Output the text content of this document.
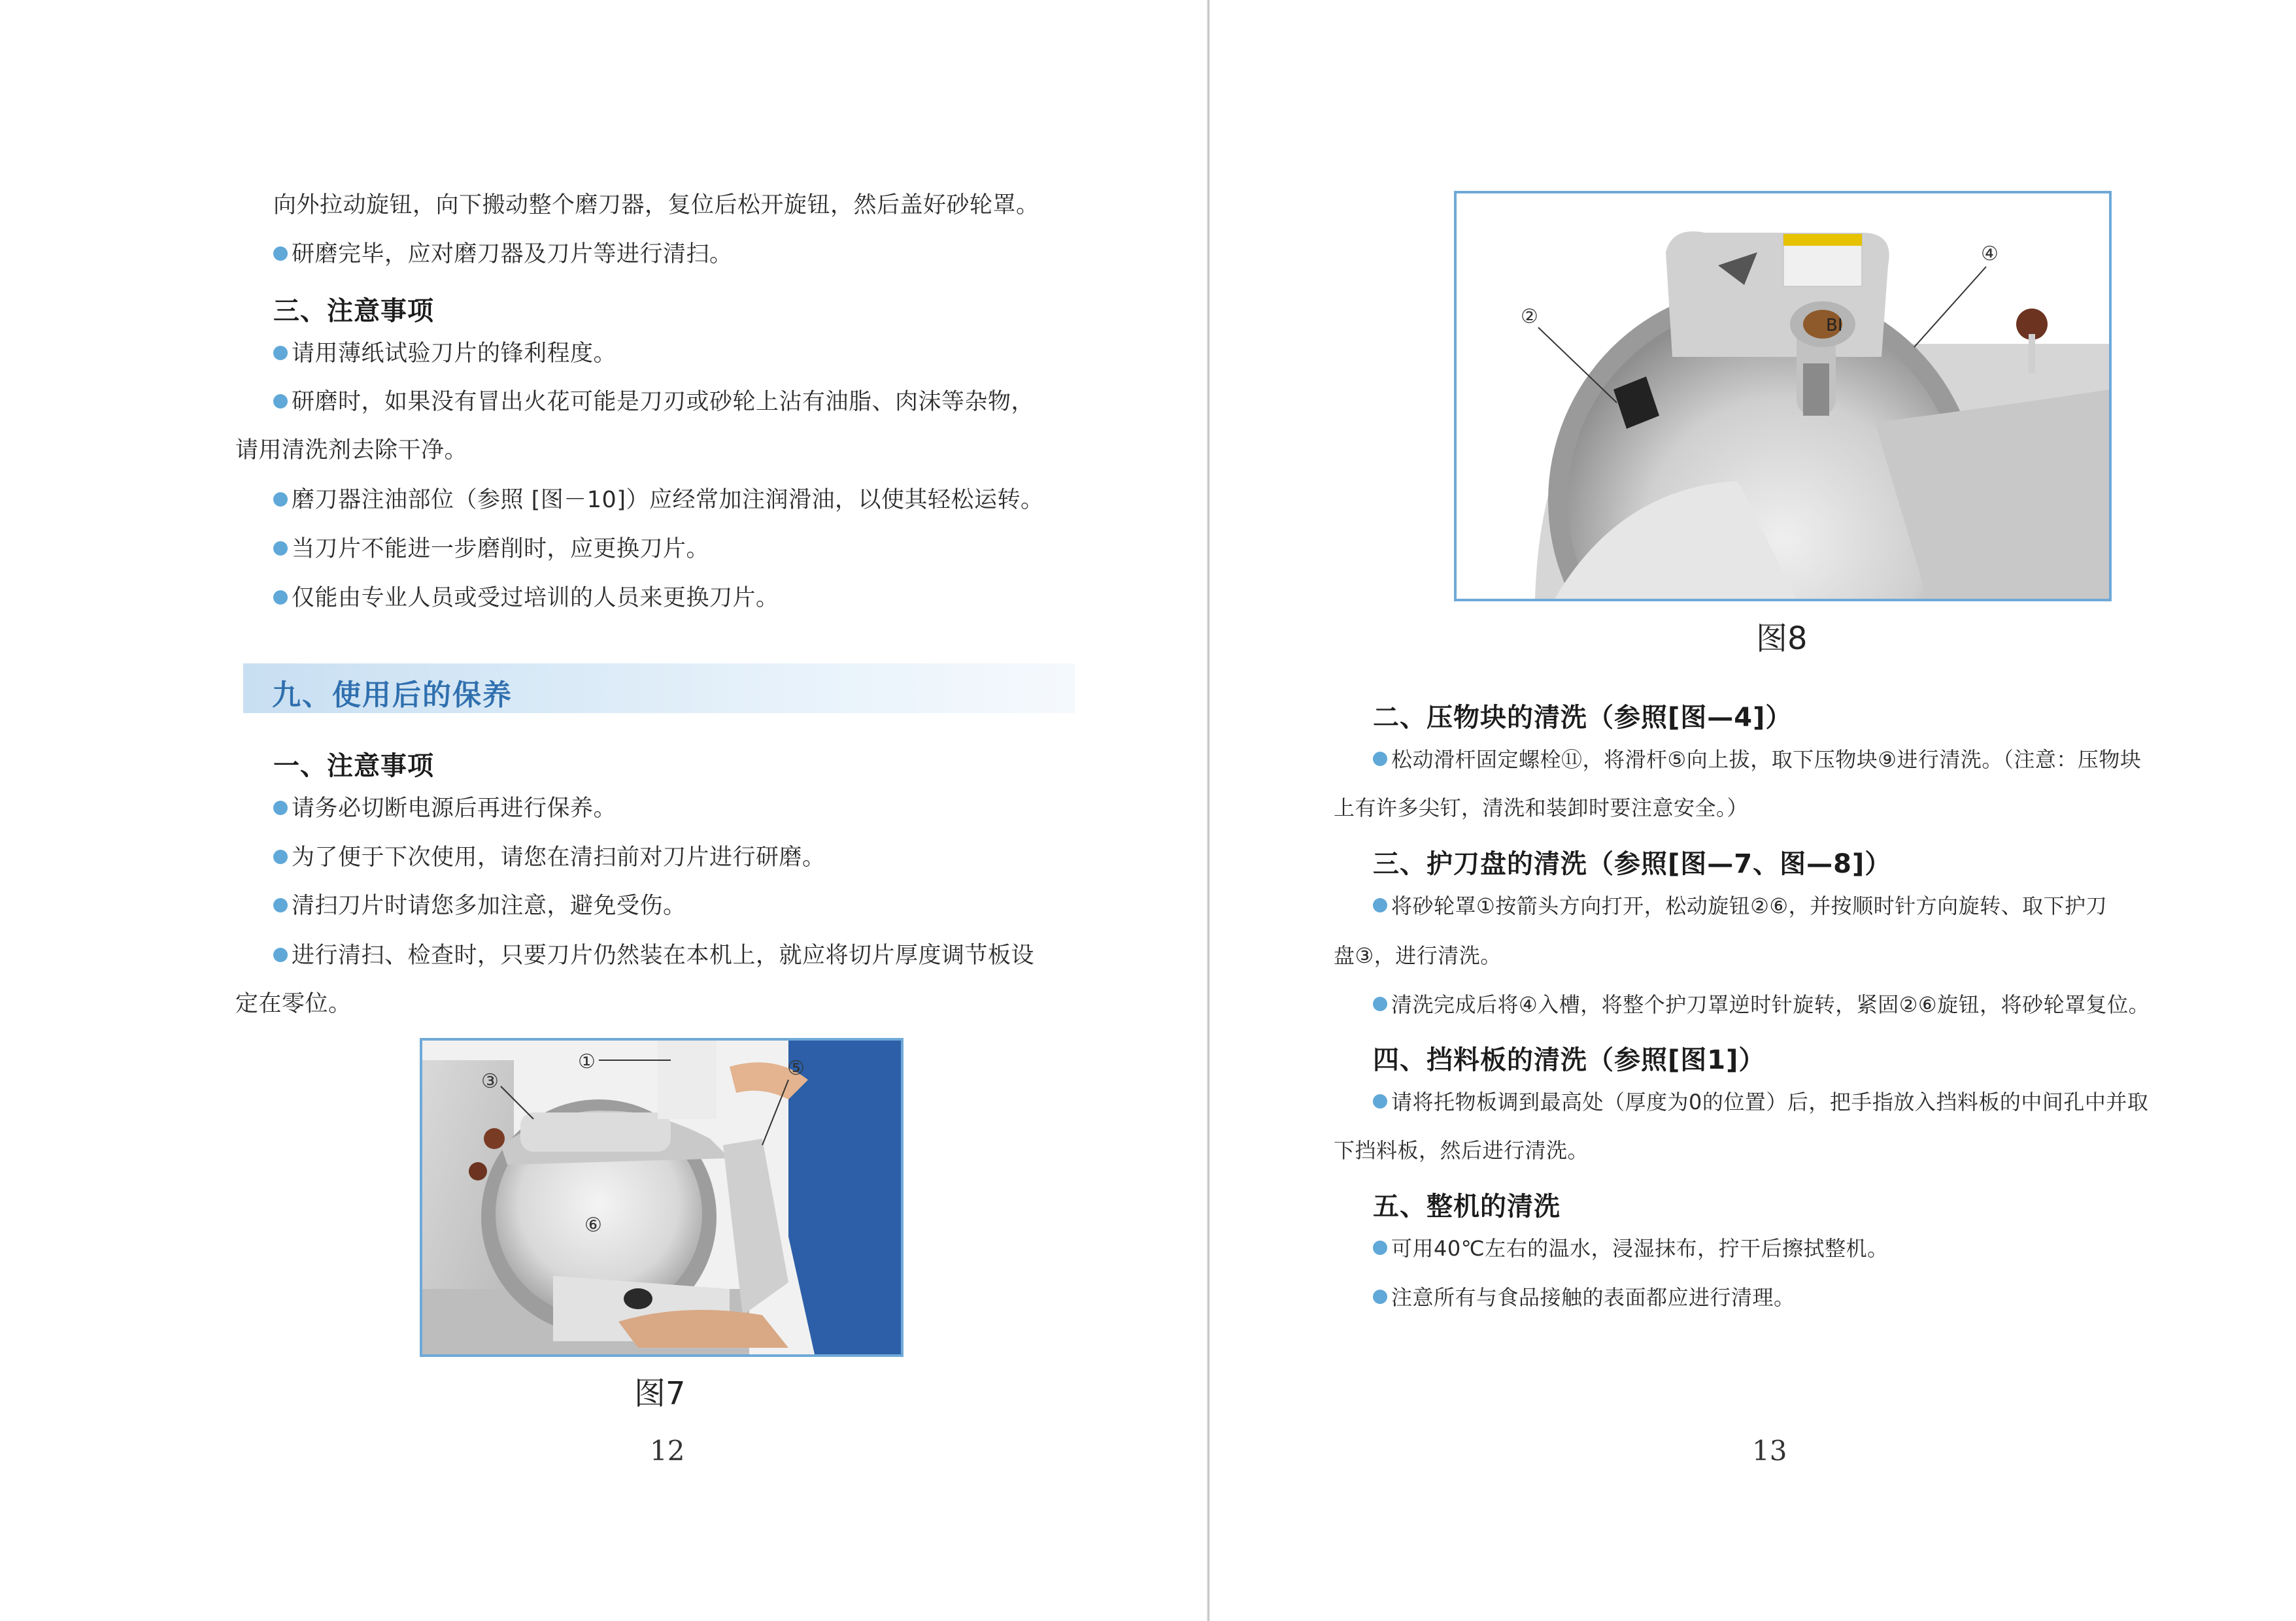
向外拉动旋钮，向下搬动整个磨刀器，复位后松开旋钮，然后盖好砂轮罩。
研磨完毕，应对磨刀器及刀片等进行清扫。
三、注意事项
请用薄纸试验刀片的锋利程度。
研磨时，如果没有冒出火花可能是刀刃或砂轮上沾有油脂、肉沫等杂物，
请用清洗剂去除干净。
磨刀器注油部位（参照 [图－10]）应经常加注润滑油，以使其轻松运转。
当刀片不能进一步磨削时，应更换刀片。
仅能由专业人员或受过培训的人员来更换刀片。
九、使用后的保养
一、注意事项
请务必切断电源后再进行保养。
为了便于下次使用，请您在清扫前对刀片进行研磨。
清扫刀片时请您多加注意，避免受伤。
进行清扫、检查时，只要刀片仍然装在本机上，就应将切片厚度调节板设
定在零位。
③
①	⑤
⑥
图7
12
BI
②
④
图8
二、压物块的清洗（参照[图—4]）
松动滑杆固定螺栓⑪，将滑杆⑤向上拔，取下压物块⑨进行清洗。（注意：压物块
上有许多尖钉，清洗和装卸时要注意安全。）
三、护刀盘的清洗（参照[图—7、图—8]）
将砂轮罩①按箭头方向打开，松动旋钮②⑥，并按顺时针方向旋转、取下护刀
盘③，进行清洗。
清洗完成后将④入槽，将整个护刀罩逆时针旋转，紧固②⑥旋钮，将砂轮罩复位。
四、挡料板的清洗（参照[图1]）
请将托物板调到最高处（厚度为0的位置）后，把手指放入挡料板的中间孔中并取
下挡料板，然后进行清洗。
五、整机的清洗
可用40℃左右的温水，浸湿抹布，拧干后擦拭整机。
注意所有与食品接触的表面都应进行清理。
13
